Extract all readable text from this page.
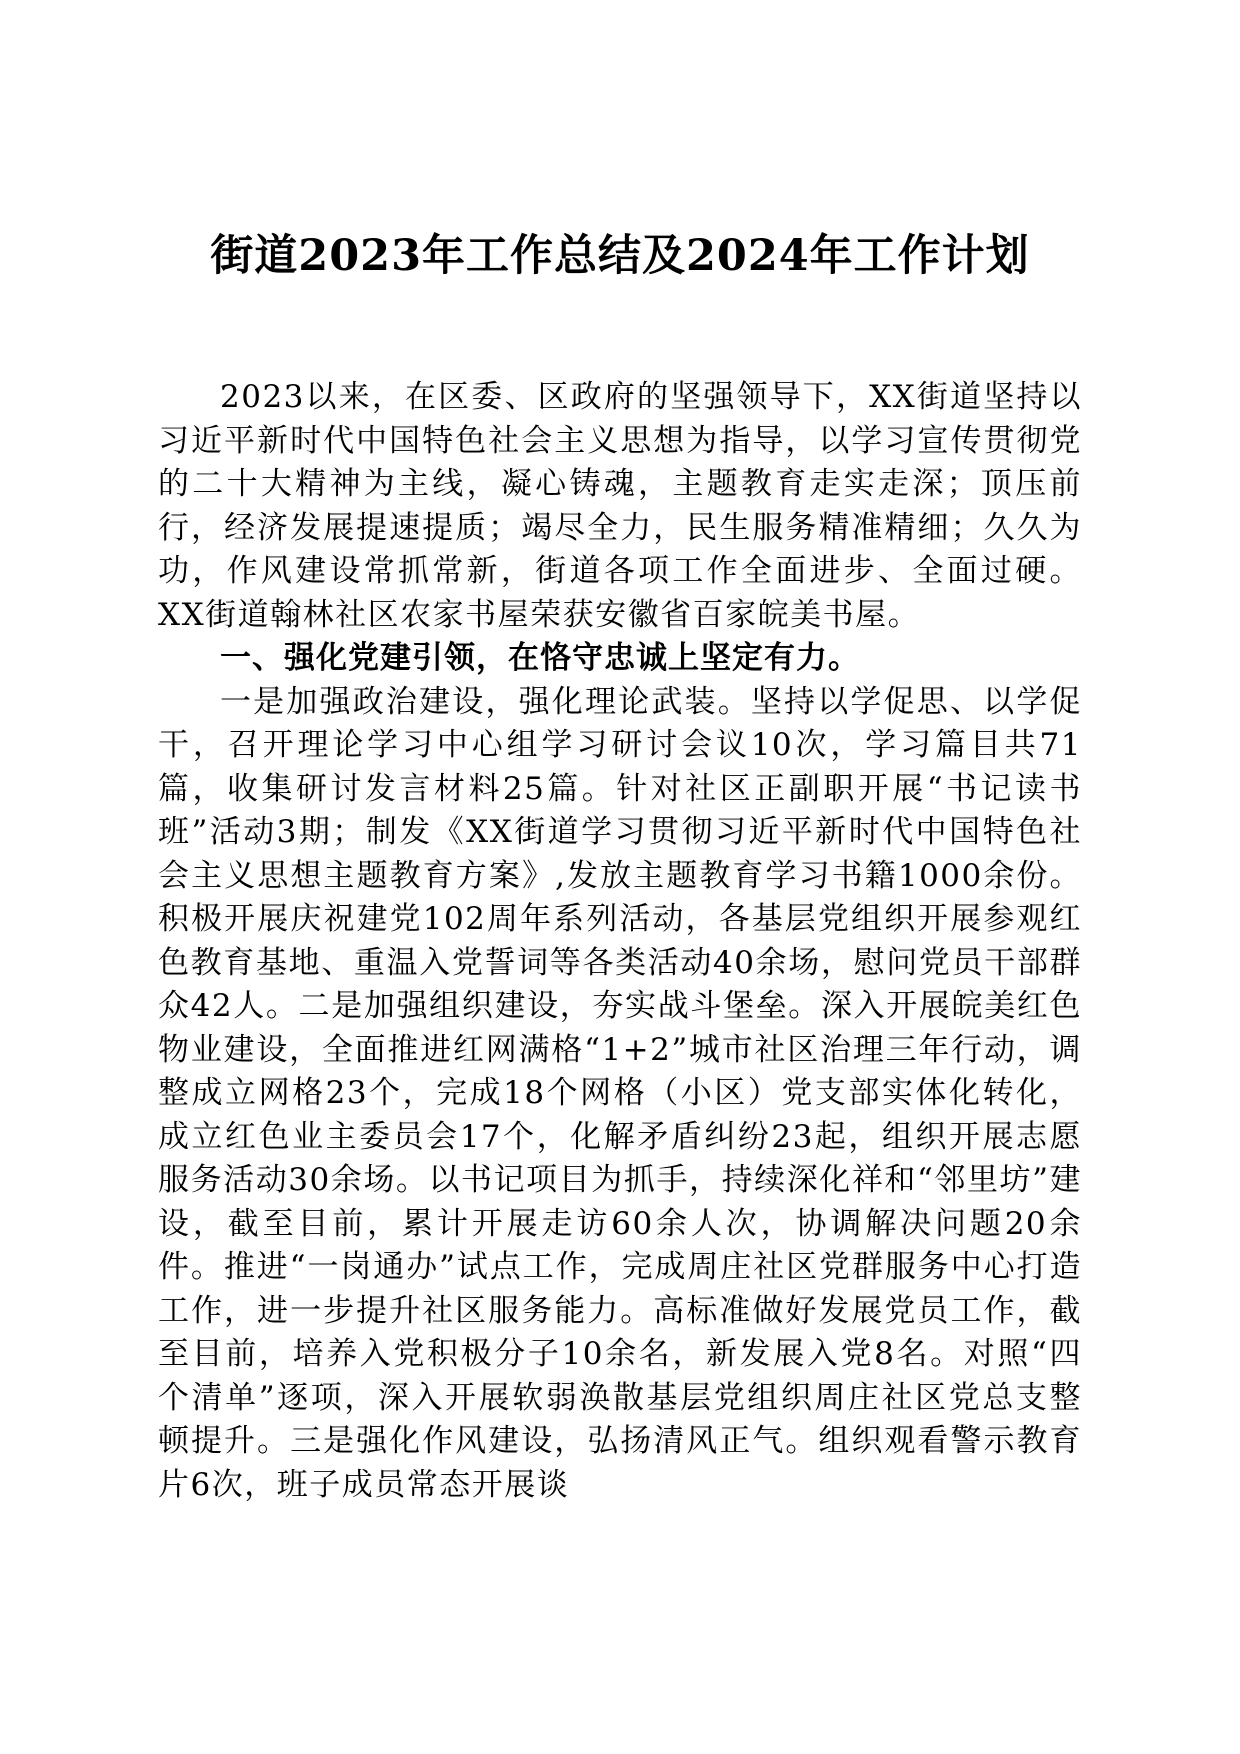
街道2023年工作总结及2024年工作计划

2023以来，在区委、区政府的坚强领导下，XX街道坚持以习近平新时代中国特色社会主义思想为指导，以学习宣传贯彻党的二十大精神为主线，凝心铸魂，主题教育走实走深；顶压前行，经济发展提速提质；竭尽全力，民生服务精准精细；久久为功，作风建设常抓常新，街道各项工作全面进步、全面过硬。XX街道翰林社区农家书屋荣获安徽省百家皖美书屋。

一、强化党建引领，在恪守忠诚上坚定有力。

一是加强政治建设，强化理论武装。坚持以学促思、以学促干，召开理论学习中心组学习研讨会议10次，学习篇目共71篇，收集研讨发言材料25篇。针对社区正副职开展“书记读书班”活动3期；制发《XX街道学习贯彻习近平新时代中国特色社会主义思想主题教育方案》,发放主题教育学习书籍1000余份。积极开展庆祝建党102周年系列活动，各基层党组织开展参观红色教育基地、重温入党誓词等各类活动40余场，慰问党员干部群众42人。二是加强组织建设，夯实战斗堡垒。深入开展皖美红色物业建设，全面推进红网满格“1+2”城市社区治理三年行动，调整成立网格23个，完成18个网格（小区）党支部实体化转化，成立红色业主委员会17个，化解矛盾纠纷23起，组织开展志愿服务活动30余场。以书记项目为抓手，持续深化祥和“邻里坊”建设，截至目前，累计开展走访60余人次，协调解决问题20余件。推进“一岗通办”试点工作，完成周庄社区党群服务中心打造工作，进一步提升社区服务能力。高标准做好发展党员工作，截至目前，培养入党积极分子10余名，新发展入党8名。对照“四个清单”逐项，深入开展软弱涣散基层党组织周庄社区党总支整顿提升。三是强化作风建设，弘扬清风正气。组织观看警示教育片6次，班子成员常态开展谈
